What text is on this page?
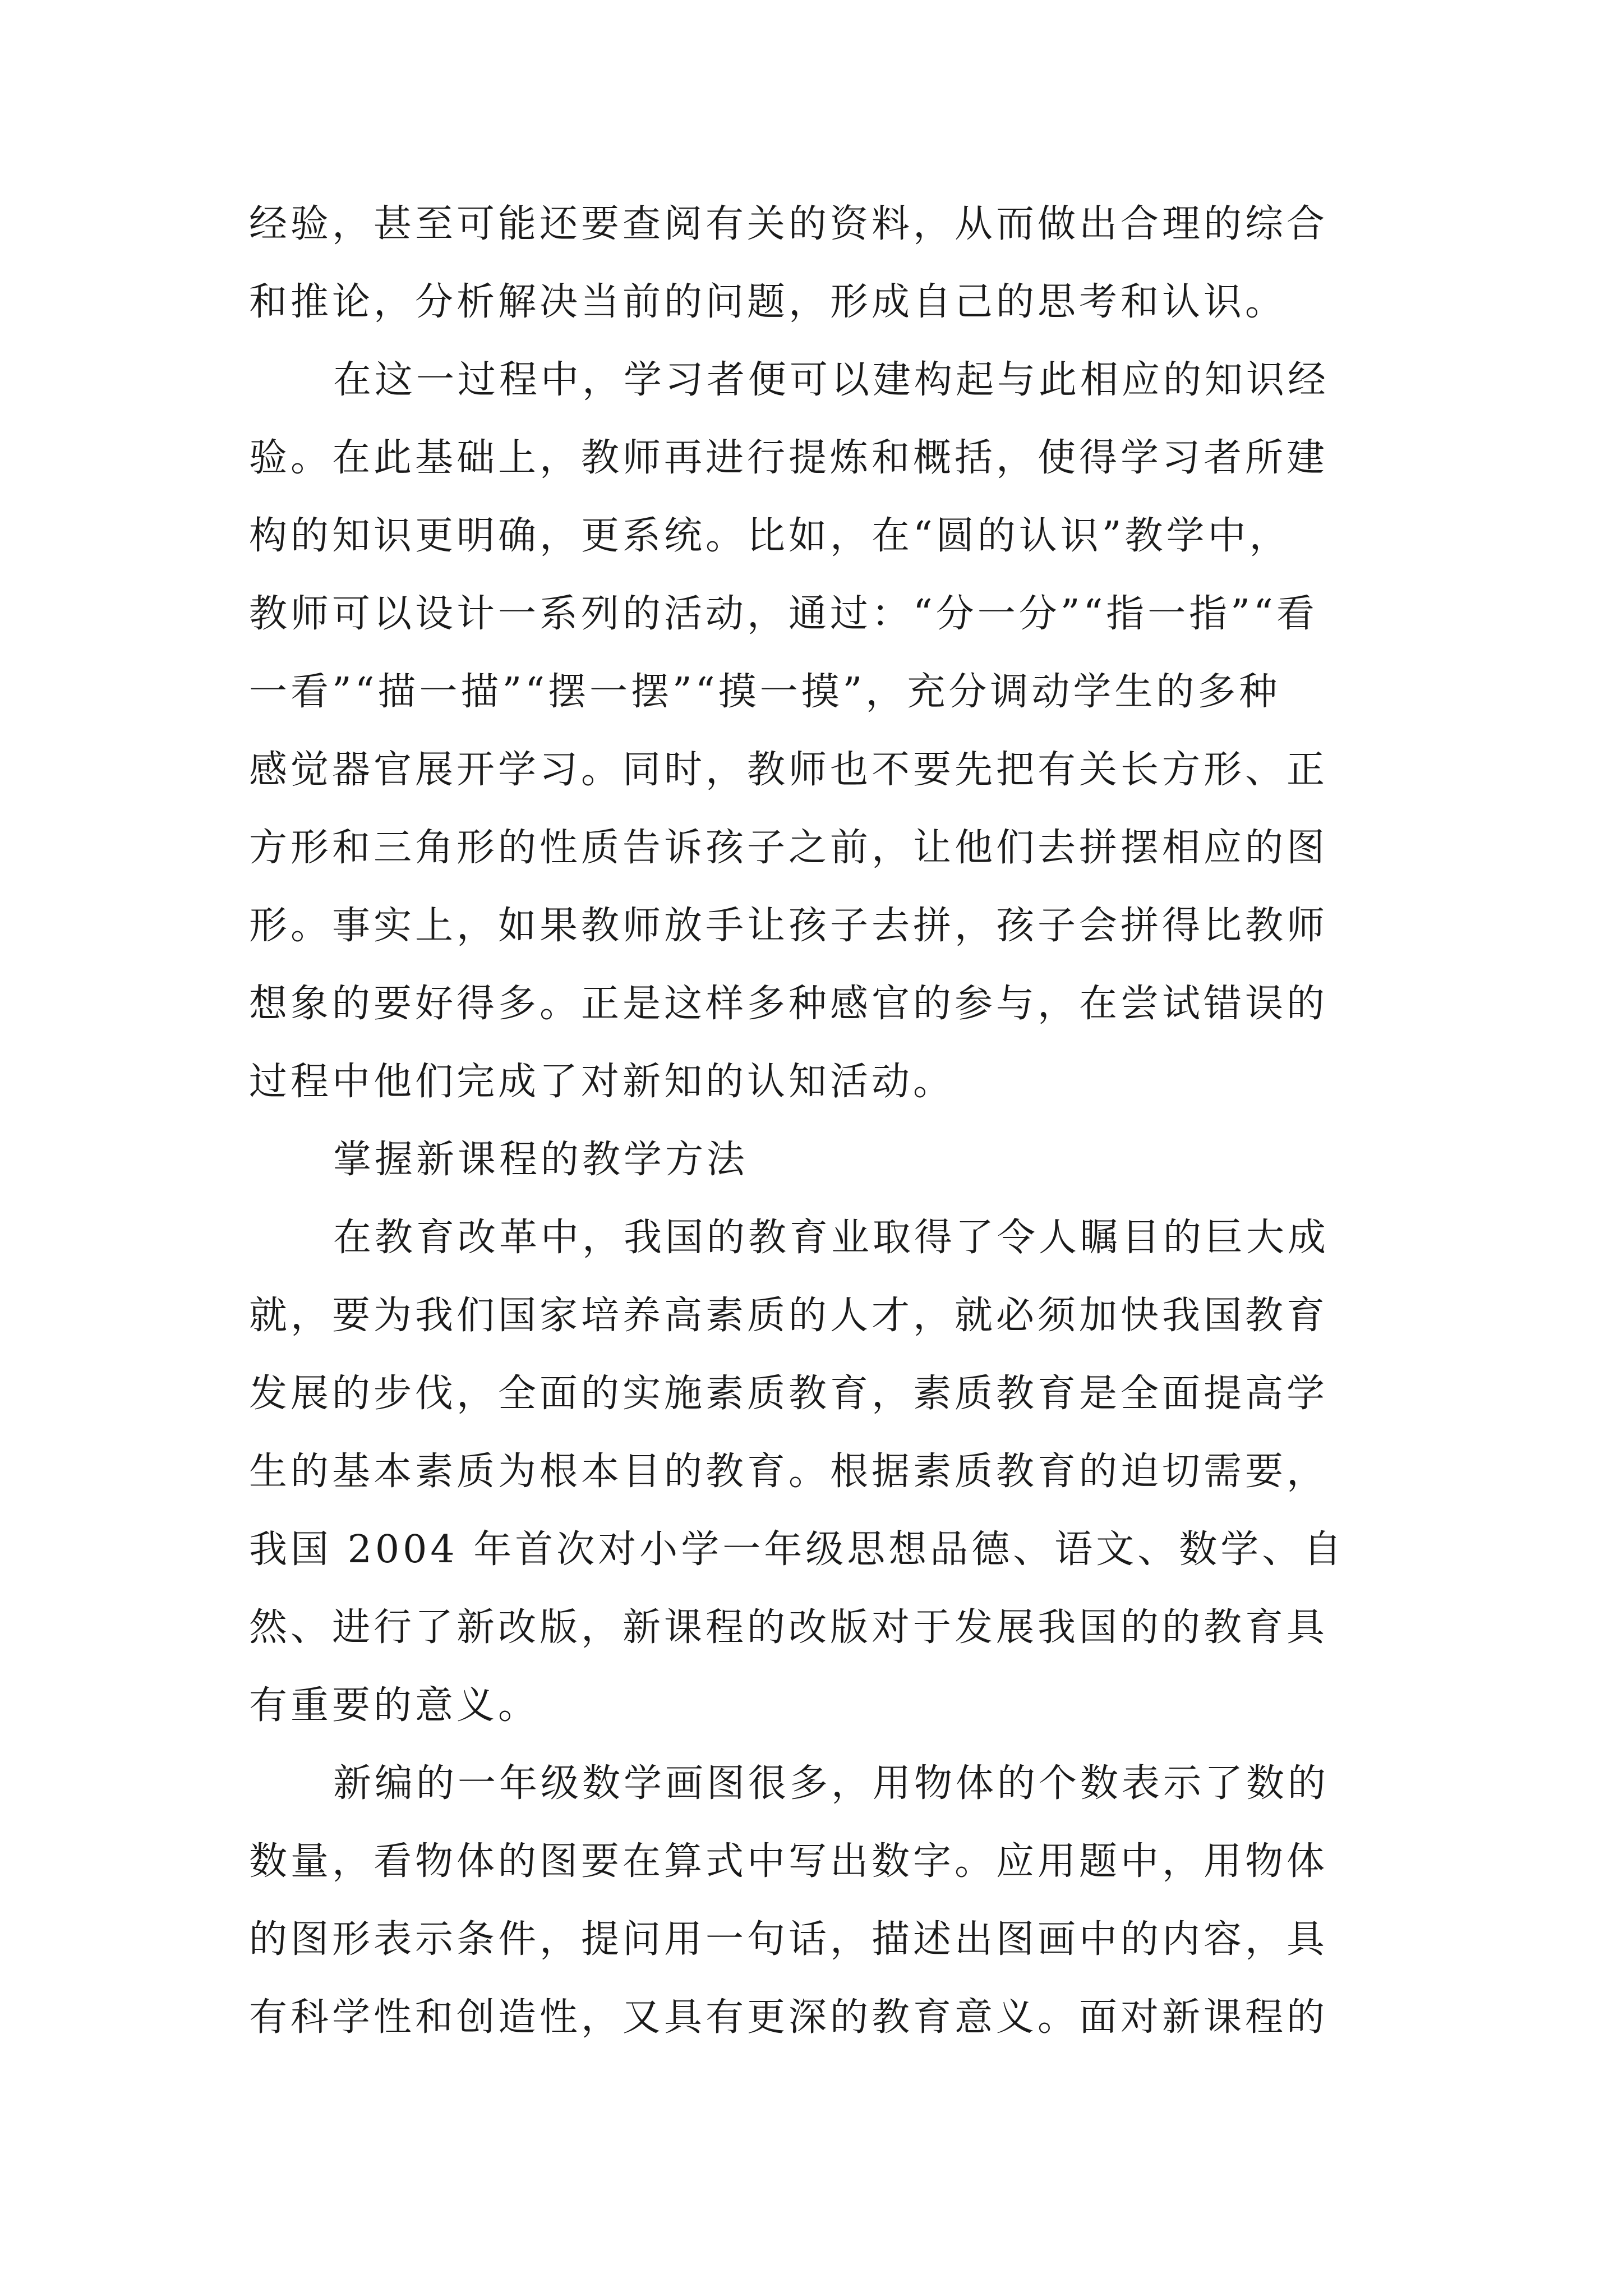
经验，甚至可能还要查阅有关的资料，从而做出合理的综合
和推论，分析解决当前的问题，形成自己的思考和认识。
在这一过程中，学习者便可以建构起与此相应的知识经
验。在此基础上，教师再进行提炼和概括，使得学习者所建
构的知识更明确，更系统。比如，在“圆的认识”教学中，
教师可以设计一系列的活动，通过：“分一分”“指一指”“看
一看”“描一描”“摆一摆”“摸一摸”，充分调动学生的多种
感觉器官展开学习。同时，教师也不要先把有关长方形、正
方形和三角形的性质告诉孩子之前，让他们去拼摆相应的图
形。事实上，如果教师放手让孩子去拼，孩子会拼得比教师
想象的要好得多。正是这样多种感官的参与，在尝试错误的
过程中他们完成了对新知的认知活动。
掌握新课程的教学方法
在教育改革中，我国的教育业取得了令人瞩目的巨大成
就，要为我们国家培养高素质的人才，就必须加快我国教育
发展的步伐，全面的实施素质教育，素质教育是全面提高学
生的基本素质为根本目的教育。根据素质教育的迫切需要，
我国 2004 年首次对小学一年级思想品德、语文、数学、自
然、进行了新改版，新课程的改版对于发展我国的的教育具
有重要的意义。
新编的一年级数学画图很多，用物体的个数表示了数的
数量，看物体的图要在算式中写出数字。应用题中，用物体
的图形表示条件，提问用一句话，描述出图画中的内容，具
有科学性和创造性，又具有更深的教育意义。面对新课程的
